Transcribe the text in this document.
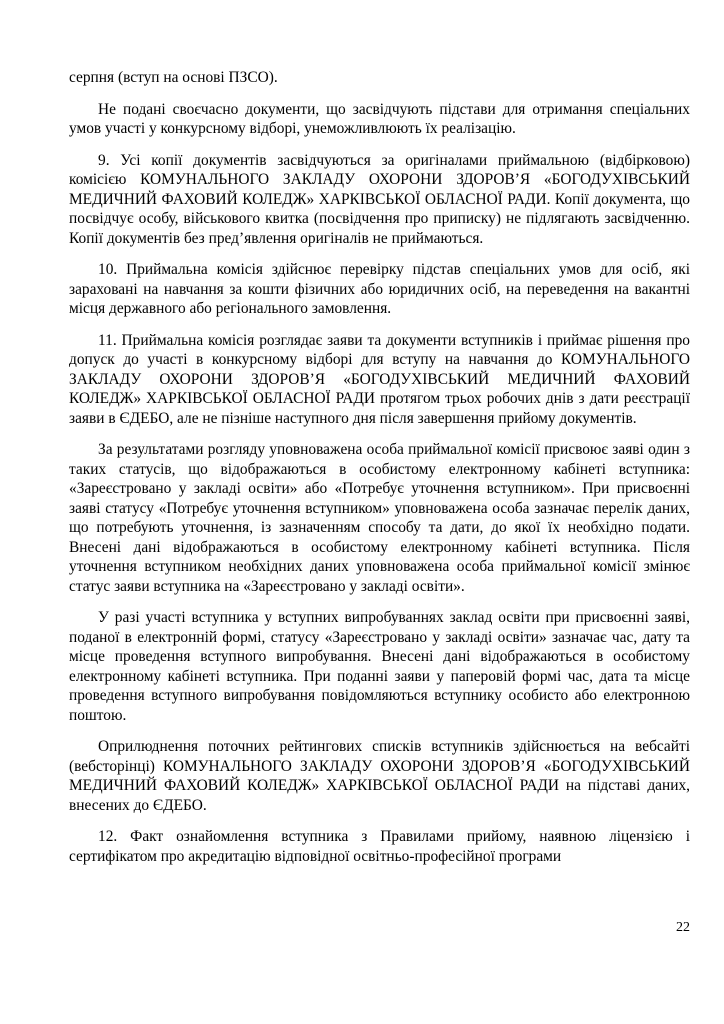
серпня (вступ на основі ПЗСО).

Не подані своєчасно документи, що засвідчують підстави для отримання спеціальних умов участі у конкурсному відборі, унеможливлюють їх реалізацію.

9. Усі копії документів засвідчуються за оригіналами приймальною (відбірковою) комісією КОМУНАЛЬНОГО ЗАКЛАДУ ОХОРОНИ ЗДОРОВ’Я «БОГОДУХІВСЬКИЙ МЕДИЧНИЙ ФАХОВИЙ КОЛЕДЖ» ХАРКІВСЬКОЇ ОБЛАСНОЇ РАДИ. Копії документа, що посвідчує особу, військового квитка (посвідчення про приписку) не підлягають засвідченню. Копії документів без пред’явлення оригіналів не приймаються.

10. Приймальна комісія здійснює перевірку підстав спеціальних умов для осіб, які зараховані на навчання за кошти фізичних або юридичних осіб, на переведення на вакантні місця державного або регіонального замовлення.

11. Приймальна комісія розглядає заяви та документи вступників і приймає рішення про допуск до участі в конкурсному відборі для вступу на навчання до КОМУНАЛЬНОГО ЗАКЛАДУ ОХОРОНИ ЗДОРОВ’Я «БОГОДУХІВСЬКИЙ МЕДИЧНИЙ ФАХОВИЙ КОЛЕДЖ» ХАРКІВСЬКОЇ ОБЛАСНОЇ РАДИ протягом трьох робочих днів з дати реєстрації заяви в ЄДЕБО, але не пізніше наступного дня після завершення прийому документів.

За результатами розгляду уповноважена особа приймальної комісії присвоює заяві один з таких статусів, що відображаються в особистому електронному кабінеті вступника: «Зареєстровано у закладі освіти» або «Потребує уточнення вступником». При присвоєнні заяві статусу «Потребує уточнення вступником» уповноважена особа зазначає перелік даних, що потребують уточнення, із зазначенням способу та дати, до якої їх необхідно подати. Внесені дані відображаються в особистому електронному кабінеті вступника. Після уточнення вступником необхідних даних уповноважена особа приймальної комісії змінює статус заяви вступника на «Зареєстровано у закладі освіти».

У разі участі вступника у вступних випробуваннях заклад освіти при присвоєнні заяві, поданої в електронній формі, статусу «Зареєстровано у закладі освіти» зазначає час, дату та місце проведення вступного випробування. Внесені дані відображаються в особистому електронному кабінеті вступника. При поданні заяви у паперовій формі час, дата та місце проведення вступного випробування повідомляються вступнику особисто або електронною поштою.

Оприлюднення поточних рейтингових списків вступників здійснюється на вебсайті (вебсторінці) КОМУНАЛЬНОГО ЗАКЛАДУ ОХОРОНИ ЗДОРОВ’Я «БОГОДУХІВСЬКИЙ МЕДИЧНИЙ ФАХОВИЙ КОЛЕДЖ» ХАРКІВСЬКОЇ ОБЛАСНОЇ РАДИ на підставі даних, внесених до ЄДЕБО.

12. Факт ознайомлення вступника з Правилами прийому, наявною ліцензією і сертифікатом про акредитацію відповідної освітньо-професійної програми

22
